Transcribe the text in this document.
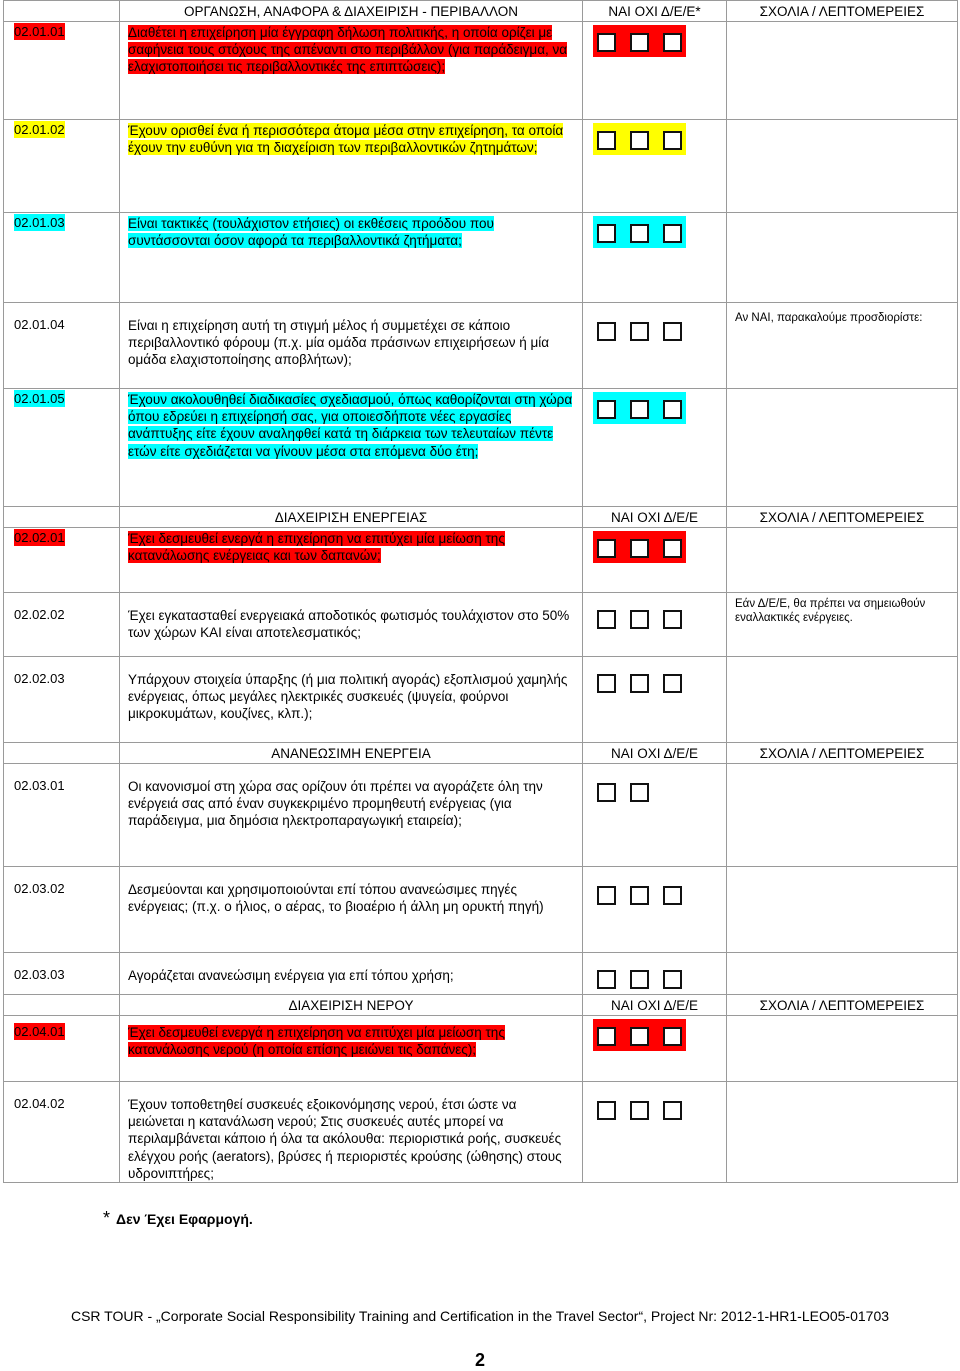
	ΟΡΓΑΝΩΣΗ, ΑΝΑΦΟΡΑ & ΔΙΑΧΕΙΡΙΣΗ - ΠΕΡΙΒΑΛΛΟΝ	ΝΑΙ ΟΧΙ Δ/Ε/Ε*	ΣΧΟΛΙΑ / ΛΕΠΤΟΜΕΡΕΙΕΣ
02.01.01	Διαθέτει η επιχείρηση μία έγγραφη δήλωση πολιτικής, η οποία ορίζει με σαφήνεια τους στόχους της απέναντι στο περιβάλλον (για παράδειγμα, να ελαχιστοποιήσει τις περιβαλλοντικές της επιπτώσεις);		
02.01.02	Έχουν ορισθεί ένα ή περισσότερα άτομα μέσα στην επιχείρηση, τα οποία έχουν την ευθύνη για τη διαχείριση των περιβαλλοντικών ζητημάτων;		
02.01.03	Είναι τακτικές (τουλάχιστον ετήσιες) οι εκθέσεις προόδου που συντάσσονται όσον αφορά τα περιβαλλοντικά ζητήματα;		
02.01.04	Είναι η επιχείρηση αυτή τη στιγμή μέλος ή συμμετέχει σε κάποιο περιβαλλοντικό φόρουμ (π.χ. μία ομάδα πράσινων επιχειρήσεων ή μία ομάδα ελαχιστοποίησης αποβλήτων);		Αν ΝΑΙ, παρακαλούμε προσδιορίστε:
02.01.05	Έχουν ακολουθηθεί διαδικασίες σχεδιασμού, όπως καθορίζονται στη χώρα όπου εδρεύει η επιχείρησή σας, για οποιεσδήποτε νέες εργασίες ανάπτυξης είτε έχουν αναληφθεί κατά τη διάρκεια των τελευταίων πέντε ετών είτε σχεδιάζεται να γίνουν μέσα στα επόμενα δύο έτη;		
	ΔΙΑΧΕΙΡΙΣΗ ΕΝΕΡΓΕΙΑΣ	ΝΑΙ ΟΧΙ Δ/Ε/Ε	ΣΧΟΛΙΑ / ΛΕΠΤΟΜΕΡΕΙΕΣ
02.02.01	Έχει δεσμευθεί ενεργά η επιχείρηση να επιτύχει μία μείωση της κατανάλωσης ενέργειας και των δαπανών;		
02.02.02	Έχει εγκατασταθεί ενεργειακά αποδοτικός φωτισμός τουλάχιστον στο 50% των χώρων ΚΑΙ είναι αποτελεσματικός;		Εάν Δ/Ε/Ε, θα πρέπει να σημειωθούν εναλλακτικές ενέργειες.
02.02.03	Υπάρχουν στοιχεία ύπαρξης (ή μια πολιτική αγοράς) εξοπλισμού χαμηλής ενέργειας, όπως μεγάλες ηλεκτρικές συσκευές (ψυγεία, φούρνοι μικροκυμάτων, κουζίνες, κλπ.);		
	ΑΝΑΝΕΩΣΙΜΗ ΕΝΕΡΓΕΙΑ	ΝΑΙ ΟΧΙ Δ/Ε/Ε	ΣΧΟΛΙΑ / ΛΕΠΤΟΜΕΡΕΙΕΣ
02.03.01	Οι κανονισμοί στη χώρα σας ορίζουν ότι πρέπει να αγοράζετε όλη την ενέργειά σας από έναν συγκεκριμένο προμηθευτή ενέργειας (για παράδειγμα, μια δημόσια ηλεκτροπαραγωγική εταιρεία);		
02.03.02	Δεσμεύονται και χρησιμοποιούνται επί τόπου ανανεώσιμες πηγές ενέργειας; (π.χ. ο ήλιος, ο αέρας, το βιοαέριο ή άλλη μη ορυκτή πηγή)		
02.03.03	Αγοράζεται ανανεώσιμη ενέργεια για επί τόπου χρήση;		
	ΔΙΑΧΕΙΡΙΣΗ ΝΕΡΟΥ	ΝΑΙ ΟΧΙ Δ/Ε/Ε	ΣΧΟΛΙΑ / ΛΕΠΤΟΜΕΡΕΙΕΣ
02.04.01	Έχει δεσμευθεί ενεργά η επιχείρηση να επιτύχει μία μείωση της κατανάλωσης νερού (η οποία επίσης μειώνει τις δαπάνες);		
02.04.02	Έχουν τοποθετηθεί συσκευές εξοικονόμησης νερού, έτσι ώστε να μειώνεται η κατανάλωση νερού; Στις συσκευές αυτές μπορεί να περιλαμβάνεται κάποιο ή όλα τα ακόλουθα: περιοριστικά ροής, συσκευές ελέγχου ροής (aerators), βρύσες ή περιοριστές κρούσης (ώθησης) στους υδρονιπτήρες;		
* Δεν Έχει Εφαρμογή.
CSR TOUR - „Corporate Social Responsibility Training and Certification in the Travel Sector“, Project Nr: 2012-1-HR1-LEO05-01703
2
